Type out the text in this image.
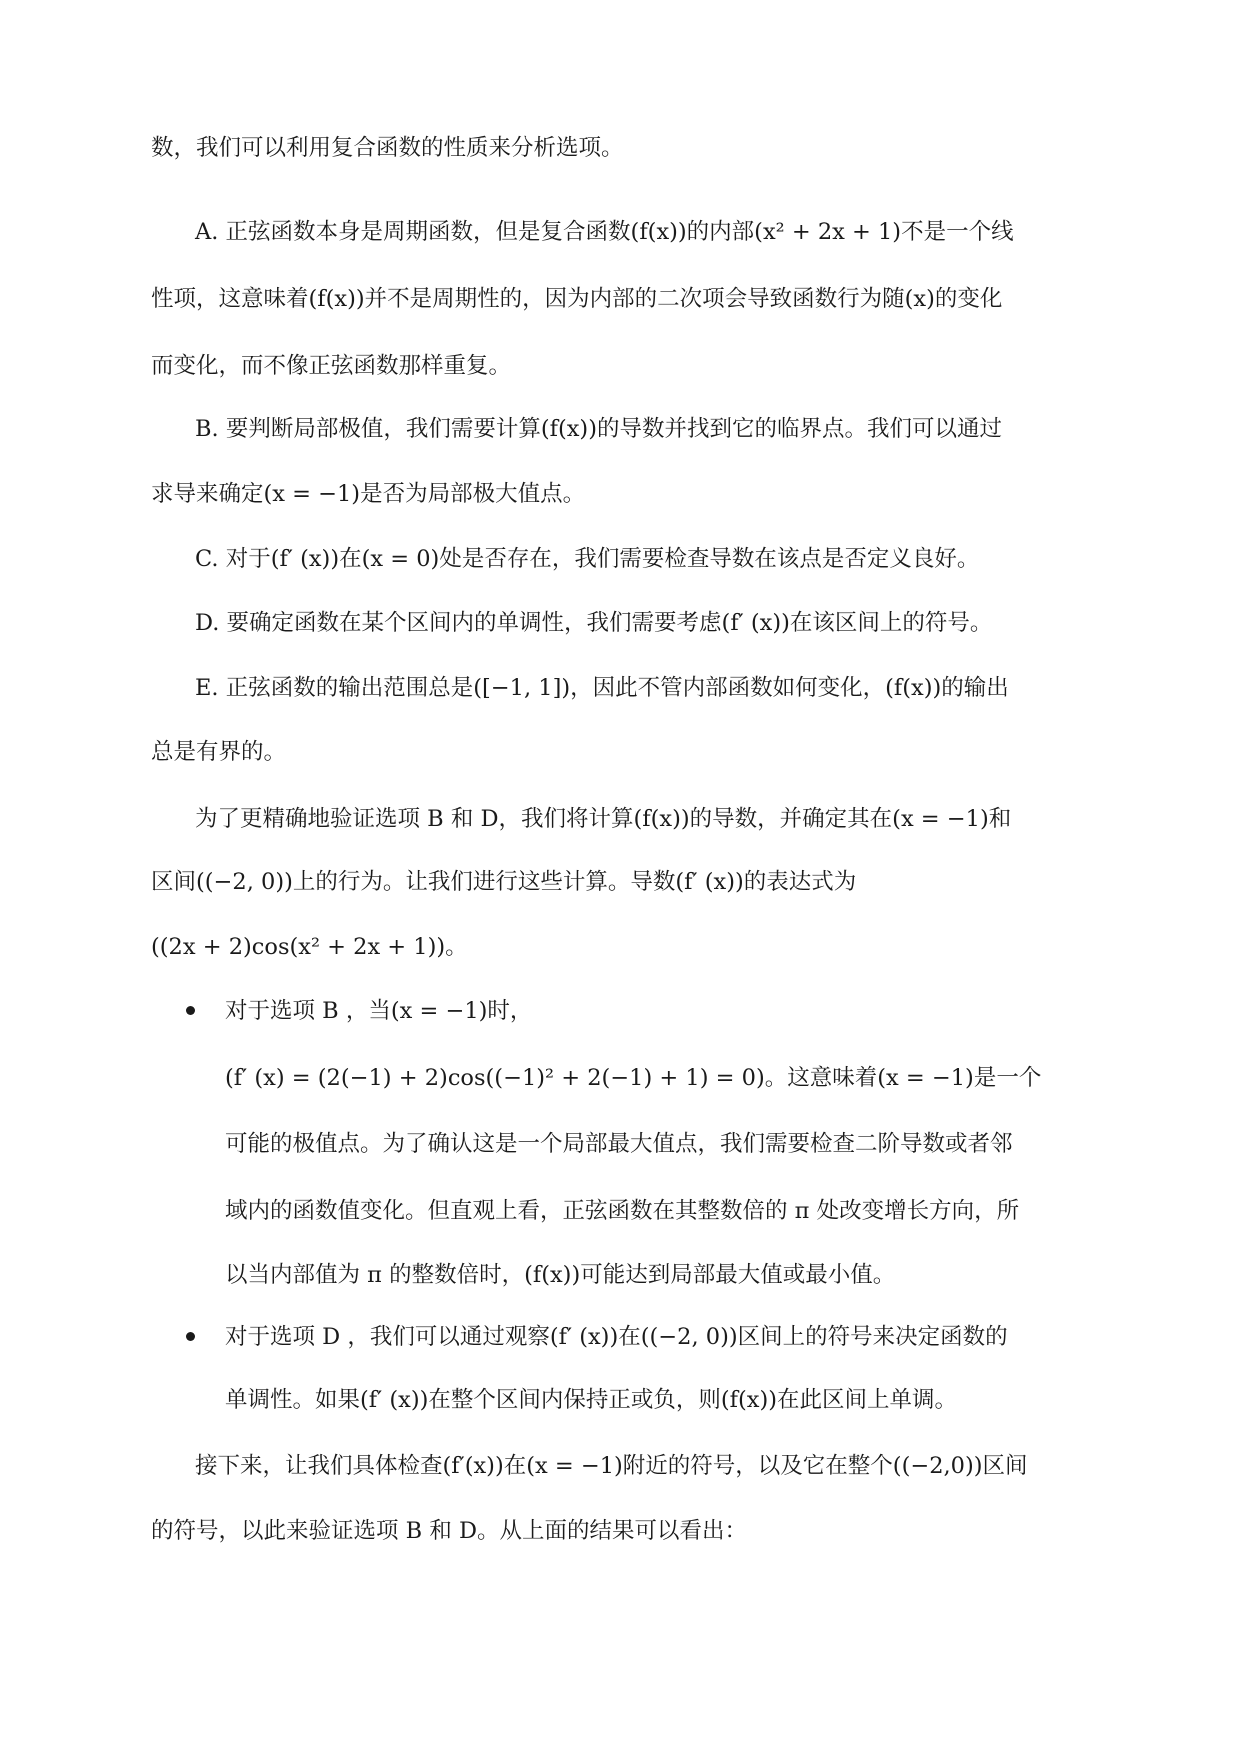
数，我们可以利用复合函数的性质来分析选项。
A. 正弦函数本身是周期函数，但是复合函数(f(x))的内部(x² + 2x + 1)不是一个线
性项，这意味着(f(x))并不是周期性的，因为内部的二次项会导致函数行为随(x)的变化
而变化，而不像正弦函数那样重复。
B. 要判断局部极值，我们需要计算(f(x))的导数并找到它的临界点。我们可以通过
求导来确定(x = −1)是否为局部极大值点。
C. 对于(f′ (x))在(x = 0)处是否存在，我们需要检查导数在该点是否定义良好。
D. 要确定函数在某个区间内的单调性，我们需要考虑(f′ (x))在该区间上的符号。
E. 正弦函数的输出范围总是([−1, 1])，因此不管内部函数如何变化，(f(x))的输出
总是有界的。
为了更精确地验证选项 B 和 D，我们将计算(f(x))的导数，并确定其在(x = −1)和
区间((−2, 0))上的行为。让我们进行这些计算。导数(f′ (x))的表达式为
((2x + 2)cos(x² + 2x + 1))。
对于选项 B ，当(x = −1)时，
(f′ (x) = (2(−1) + 2)cos((−1)² + 2(−1) + 1) = 0)。这意味着(x = −1)是一个
可能的极值点。为了确认这是一个局部最大值点，我们需要检查二阶导数或者邻
域内的函数值变化。但直观上看，正弦函数在其整数倍的 π 处改变增长方向，所
以当内部值为 π 的整数倍时，(f(x))可能达到局部最大值或最小值。
对于选项 D ，我们可以通过观察(f′ (x))在((−2, 0))区间上的符号来决定函数的
单调性。如果(f′ (x))在整个区间内保持正或负，则(f(x))在此区间上单调。
接下来，让我们具体检查(f′(x))在(x = −1)附近的符号，以及它在整个((−2,0))区间
的符号，以此来验证选项 B 和 D。从上面的结果可以看出：
